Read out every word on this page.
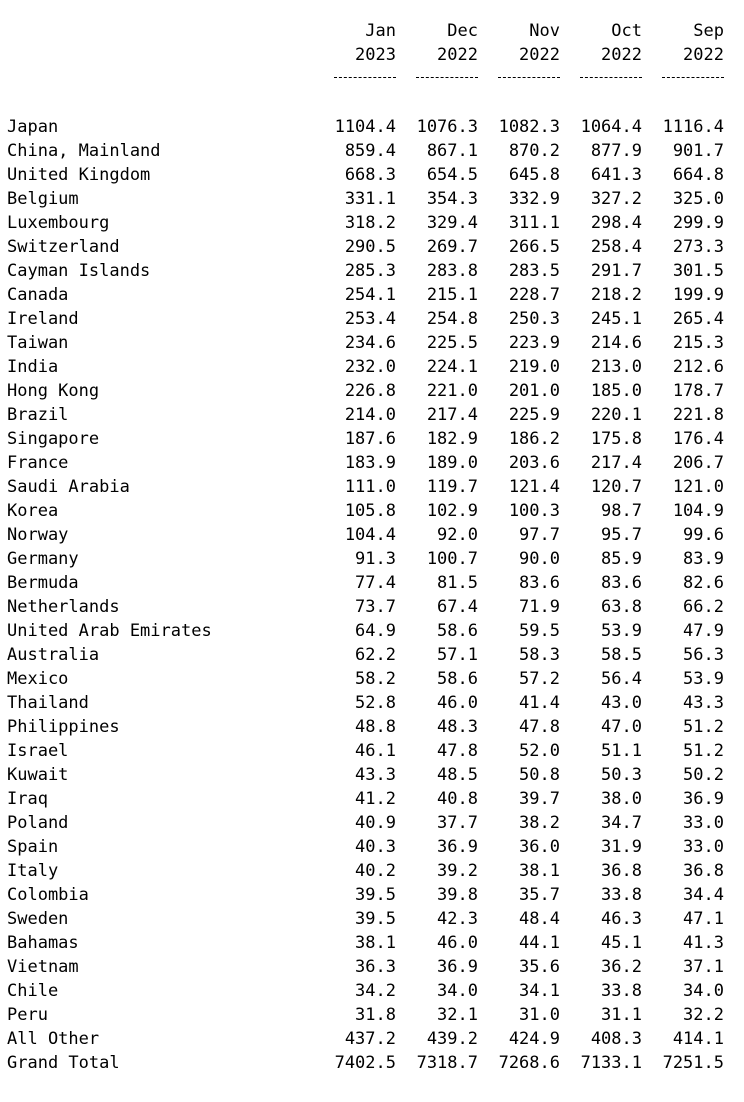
Jan	Dec	Nov	Oct	Sep
2023	2022	2022	2022	2022
Japan	1104.4	1076.3	1082.3	1064.4	1116.4
China, Mainland	859.4	867.1	870.2	877.9	901.7
United Kingdom	668.3	654.5	645.8	641.3	664.8
Belgium	331.1	354.3	332.9	327.2	325.0
Luxembourg	318.2	329.4	311.1	298.4	299.9
Switzerland	290.5	269.7	266.5	258.4	273.3
Cayman Islands	285.3	283.8	283.5	291.7	301.5
Canada	254.1	215.1	228.7	218.2	199.9
Ireland	253.4	254.8	250.3	245.1	265.4
Taiwan	234.6	225.5	223.9	214.6	215.3
India	232.0	224.1	219.0	213.0	212.6
Hong Kong	226.8	221.0	201.0	185.0	178.7
Brazil	214.0	217.4	225.9	220.1	221.8
Singapore	187.6	182.9	186.2	175.8	176.4
France	183.9	189.0	203.6	217.4	206.7
Saudi Arabia	111.0	119.7	121.4	120.7	121.0
Korea	105.8	102.9	100.3	98.7	104.9
Norway	104.4	92.0	97.7	95.7	99.6
Germany	91.3	100.7	90.0	85.9	83.9
Bermuda	77.4	81.5	83.6	83.6	82.6
Netherlands	73.7	67.4	71.9	63.8	66.2
United Arab Emirates	64.9	58.6	59.5	53.9	47.9
Australia	62.2	57.1	58.3	58.5	56.3
Mexico	58.2	58.6	57.2	56.4	53.9
Thailand	52.8	46.0	41.4	43.0	43.3
Philippines	48.8	48.3	47.8	47.0	51.2
Israel	46.1	47.8	52.0	51.1	51.2
Kuwait	43.3	48.5	50.8	50.3	50.2
Iraq	41.2	40.8	39.7	38.0	36.9
Poland	40.9	37.7	38.2	34.7	33.0
Spain	40.3	36.9	36.0	31.9	33.0
Italy	40.2	39.2	38.1	36.8	36.8
Colombia	39.5	39.8	35.7	33.8	34.4
Sweden	39.5	42.3	48.4	46.3	47.1
Bahamas	38.1	46.0	44.1	45.1	41.3
Vietnam	36.3	36.9	35.6	36.2	37.1
Chile	34.2	34.0	34.1	33.8	34.0
Peru	31.8	32.1	31.0	31.1	32.2
All Other	437.2	439.2	424.9	408.3	414.1
Grand Total	7402.5	7318.7	7268.6	7133.1	7251.5
